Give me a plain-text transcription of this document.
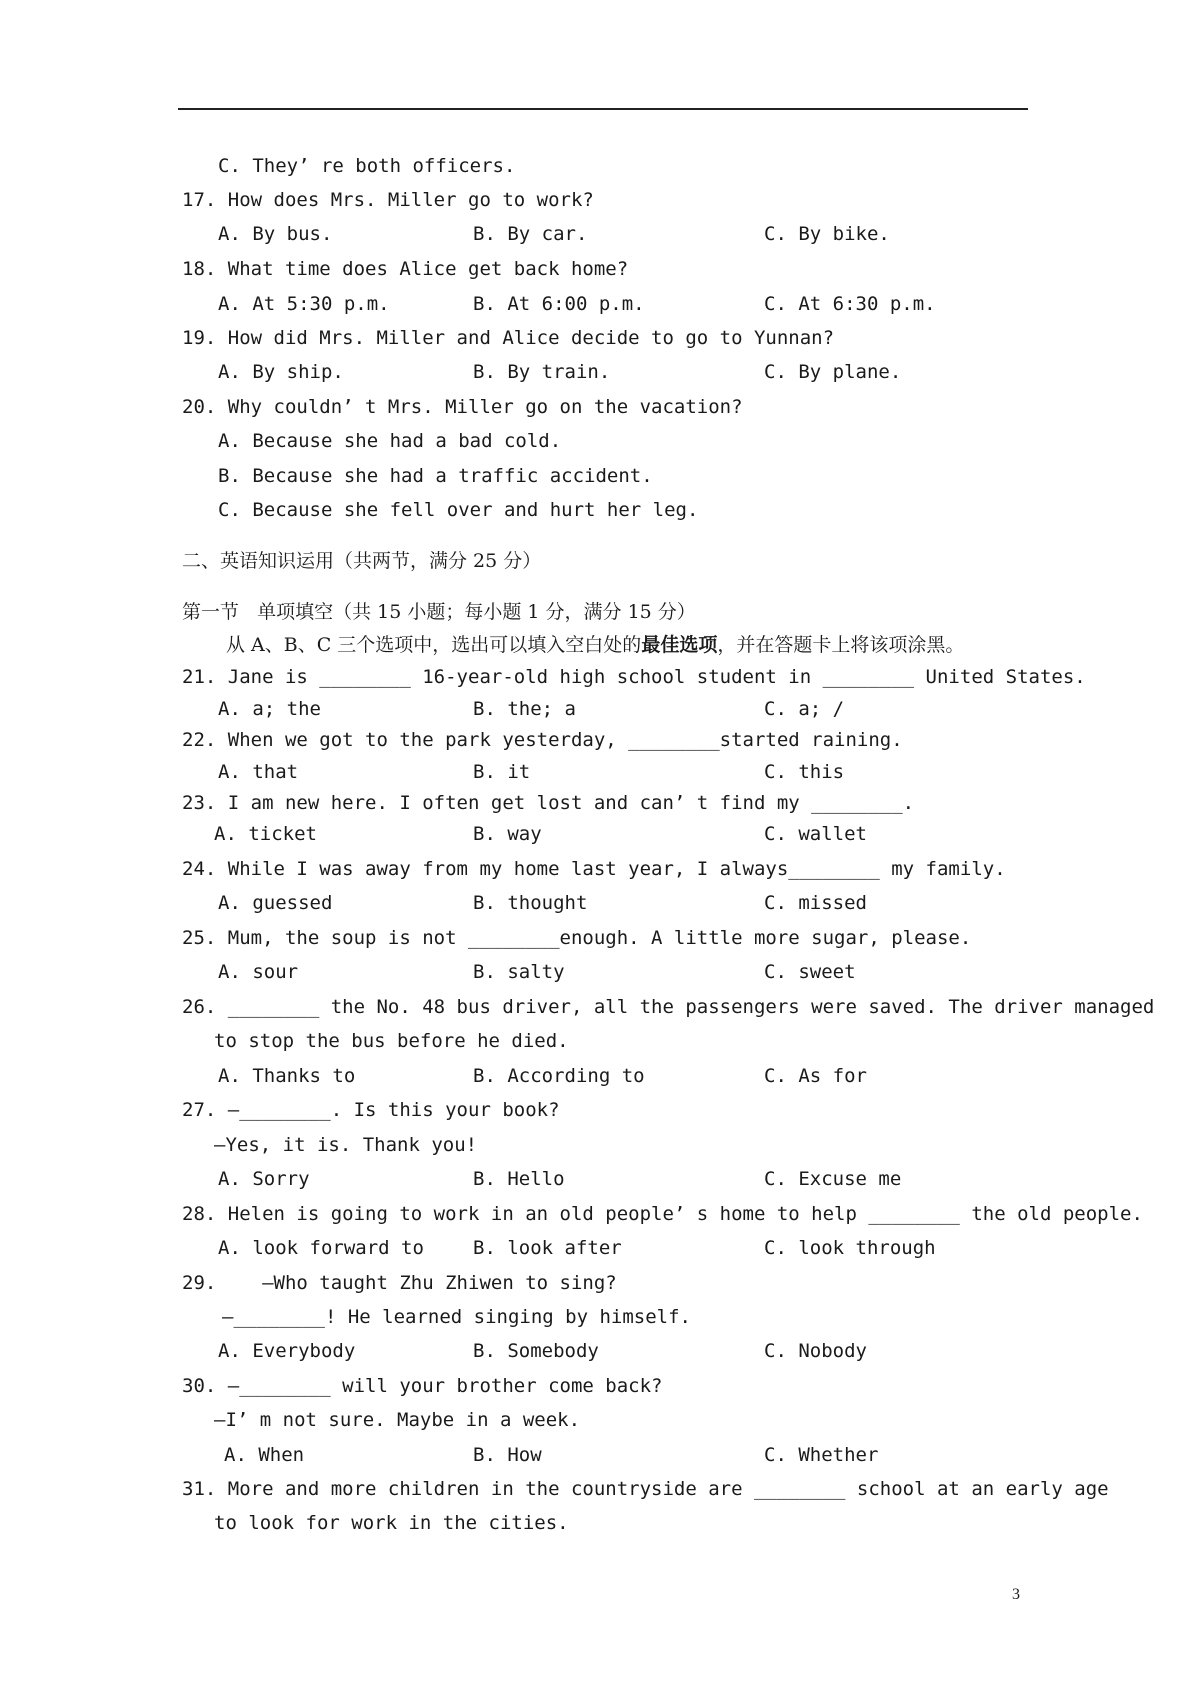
C. They’ re both officers.
17. How does Mrs. Miller go to work?
A. By bus.	B. By car.	C. By bike.
18. What time does Alice get back home?
A. At 5:30 p.m.	B. At 6:00 p.m.	C. At 6:30 p.m.
19. How did Mrs. Miller and Alice decide to go to Yunnan?
A. By ship.	B. By train.	C. By plane.
20. Why couldn’ t Mrs. Miller go on the vacation?
A. Because she had a bad cold.
B. Because she had a traffic accident.
C. Because she fell over and hurt her leg.
二、英语知识运用（共两节，满分 25 分）
第一节   单项填空（共 15 小题；每小题 1 分，满分 15 分）
从 A、B、C 三个选项中，选出可以填入空白处的最佳选项，并在答题卡上将该项涂黑。
21. Jane is ________ 16-year-old high school student in ________ United States.
A. a; the	B. the; a	C. a; /
22. When we got to the park yesterday, ________started raining.
A. that	B. it	C. this
23. I am new here. I often get lost and can’ t find my ________.
A. ticket	B. way	C. wallet
24. While I was away from my home last year, I always________ my family.
A. guessed	B. thought	C. missed
25. Mum, the soup is not ________enough. A little more sugar, please.
A. sour	B. salty	C. sweet
26. ________ the No. 48 bus driver, all the passengers were saved. The driver managed
to stop the bus before he died.
A. Thanks to	B. According to	C. As for
27. —________. Is this your book?
—Yes, it is. Thank you!
A. Sorry	B. Hello	C. Excuse me
28. Helen is going to work in an old people’ s home to help ________ the old people.
A. look forward to	B. look after	C. look through
29.    —Who taught Zhu Zhiwen to sing?
—________! He learned singing by himself.
A. Everybody	B. Somebody	C. Nobody
30. —________ will your brother come back?
—I’ m not sure. Maybe in a week.
A. When	B. How	C. Whether
31. More and more children in the countryside are ________ school at an early age
to look for work in the cities.
3
